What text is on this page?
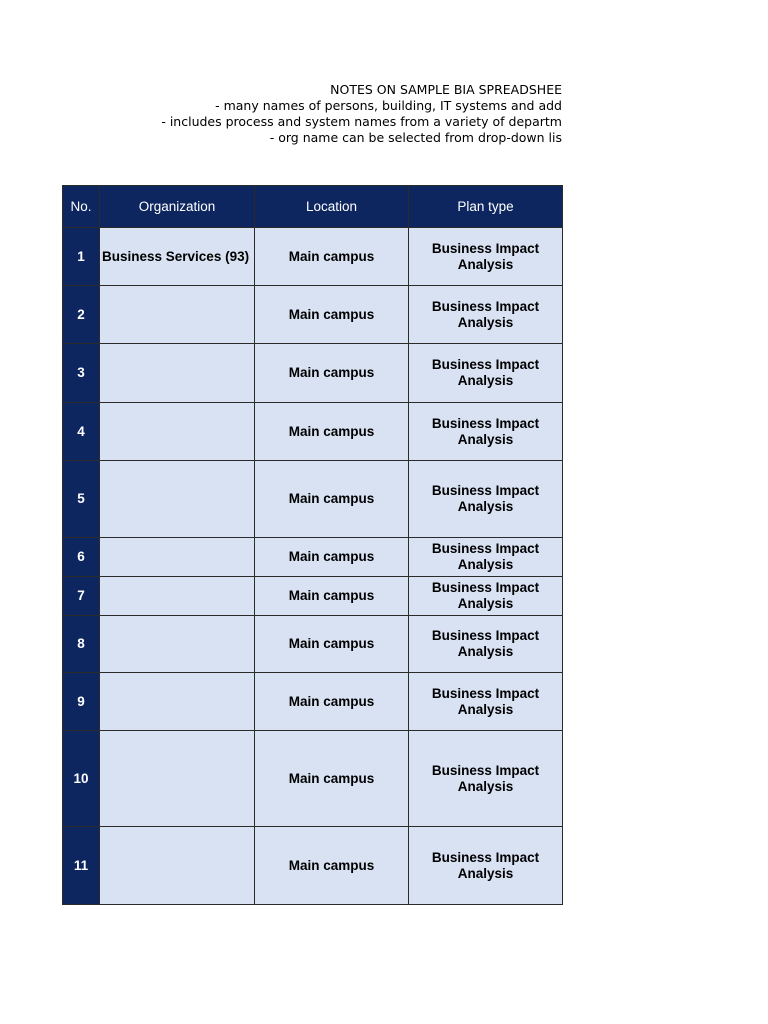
NOTES ON SAMPLE BIA SPREADSHEE
- many names of persons, building, IT systems and add
- includes process and system names from a variety of departm
- org name can be selected from drop-down lis
No.	Organization	Location	Plan type
1	Business Services (93)	Main campus	Business Impact
Analysis

2		Main campus	Business Impact
Analysis

3		Main campus	Business Impact
Analysis

4		Main campus	Business Impact
Analysis

5		Main campus	Business Impact
Analysis

6		Main campus	Business Impact
Analysis

7		Main campus	Business Impact
Analysis

8		Main campus	Business Impact
Analysis

9		Main campus	Business Impact
Analysis

10		Main campus	Business Impact
Analysis

11		Main campus	Business Impact
Analysis
